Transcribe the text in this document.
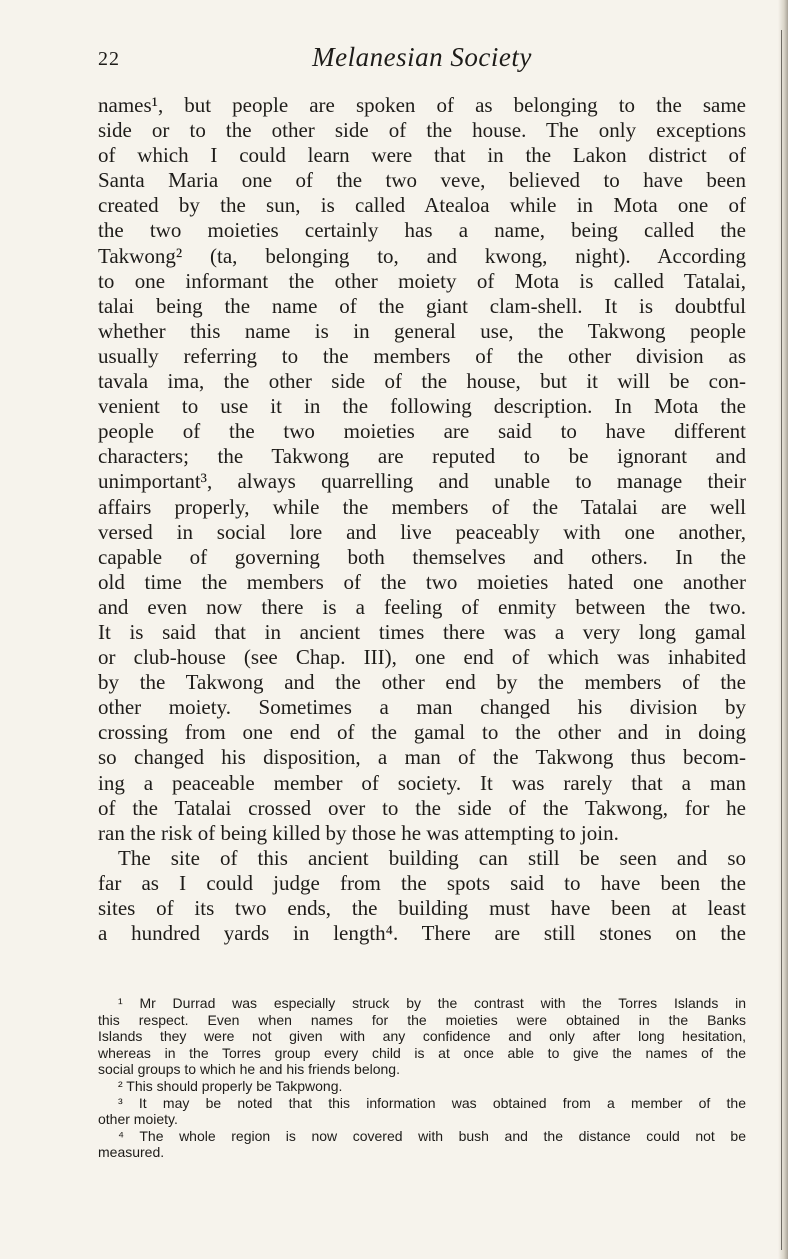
22	Melanesian Society
names¹, but people are spoken of as belonging to the same
side or to the other side of the house. The only exceptions
of which I could learn were that in the Lakon district of
Santa Maria one of the two veve, believed to have been
created by the sun, is called Atealoa while in Mota one of
the two moieties certainly has a name, being called the
Takwong² (ta, belonging to, and kwong, night). According
to one informant the other moiety of Mota is called Tatalai,
talai being the name of the giant clam-shell. It is doubtful
whether this name is in general use, the Takwong people
usually referring to the members of the other division as
tavala ima, the other side of the house, but it will be con-
venient to use it in the following description. In Mota the
people of the two moieties are said to have different
characters; the Takwong are reputed to be ignorant and
unimportant³, always quarrelling and unable to manage their
affairs properly, while the members of the Tatalai are well
versed in social lore and live peaceably with one another,
capable of governing both themselves and others. In the
old time the members of the two moieties hated one another
and even now there is a feeling of enmity between the two.
It is said that in ancient times there was a very long gamal
or club-house (see Chap. III), one end of which was inhabited
by the Takwong and the other end by the members of the
other moiety. Sometimes a man changed his division by
crossing from one end of the gamal to the other and in doing
so changed his disposition, a man of the Takwong thus becom-
ing a peaceable member of society. It was rarely that a man
of the Tatalai crossed over to the side of the Takwong, for he
ran the risk of being killed by those he was attempting to join.
The site of this ancient building can still be seen and so
far as I could judge from the spots said to have been the
sites of its two ends, the building must have been at least
a hundred yards in length⁴. There are still stones on the
¹ Mr Durrad was especially struck by the contrast with the Torres Islands in
this respect. Even when names for the moieties were obtained in the Banks
Islands they were not given with any confidence and only after long hesitation,
whereas in the Torres group every child is at once able to give the names of the
social groups to which he and his friends belong.
² This should properly be Takpwong.
³ It may be noted that this information was obtained from a member of the
other moiety.
⁴ The whole region is now covered with bush and the distance could not be
measured.
